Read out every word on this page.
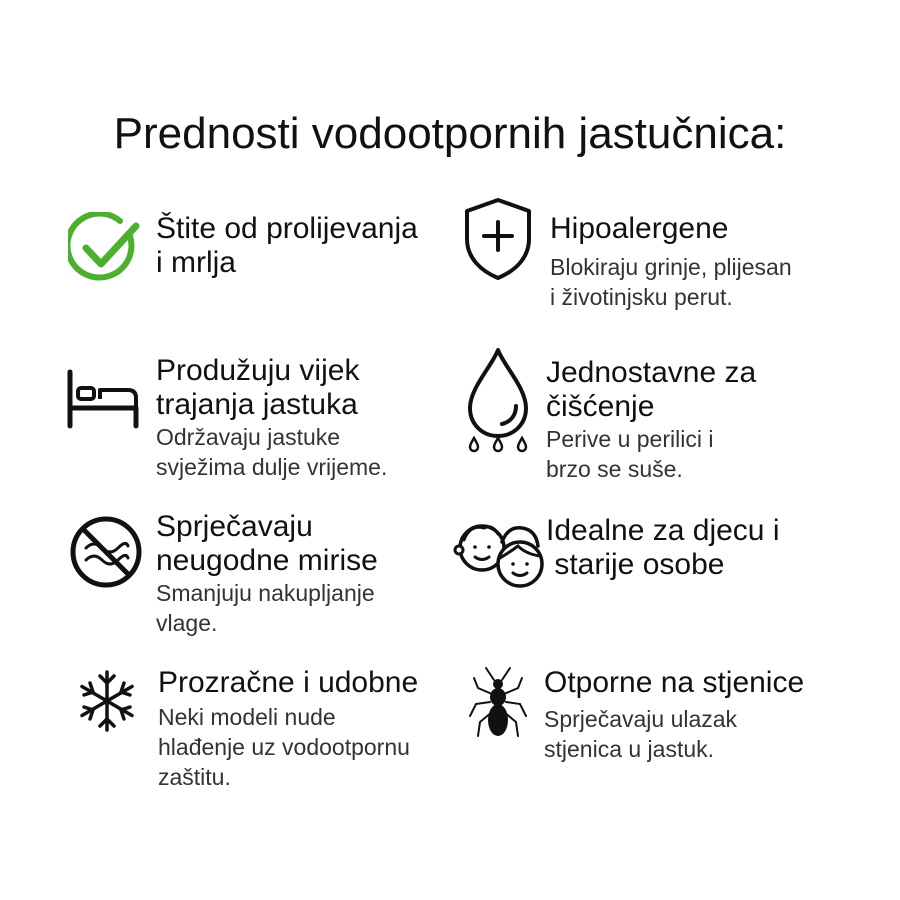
Prednosti vodootpornih jastučnica:
Štite od prolijevanja
i mrlja
Hipoalergene
Blokiraju grinje, plijesan
i životinjsku perut.
Produžuju vijek
trajanja jastuka
Održavaju jastuke
svježima dulje vrijeme.
Jednostavne za
čišćenje
Perive u perilici i
brzo se suše.
Sprječavaju
neugodne mirise
Smanjuju nakupljanje
vlage.
Idealne za djecu i
starije osobe
Prozračne i udobne
Neki modeli nude
hlađenje uz vodootpornu
zaštitu.
Otporne na stjenice
Sprječavaju ulazak
stjenica u jastuk.
